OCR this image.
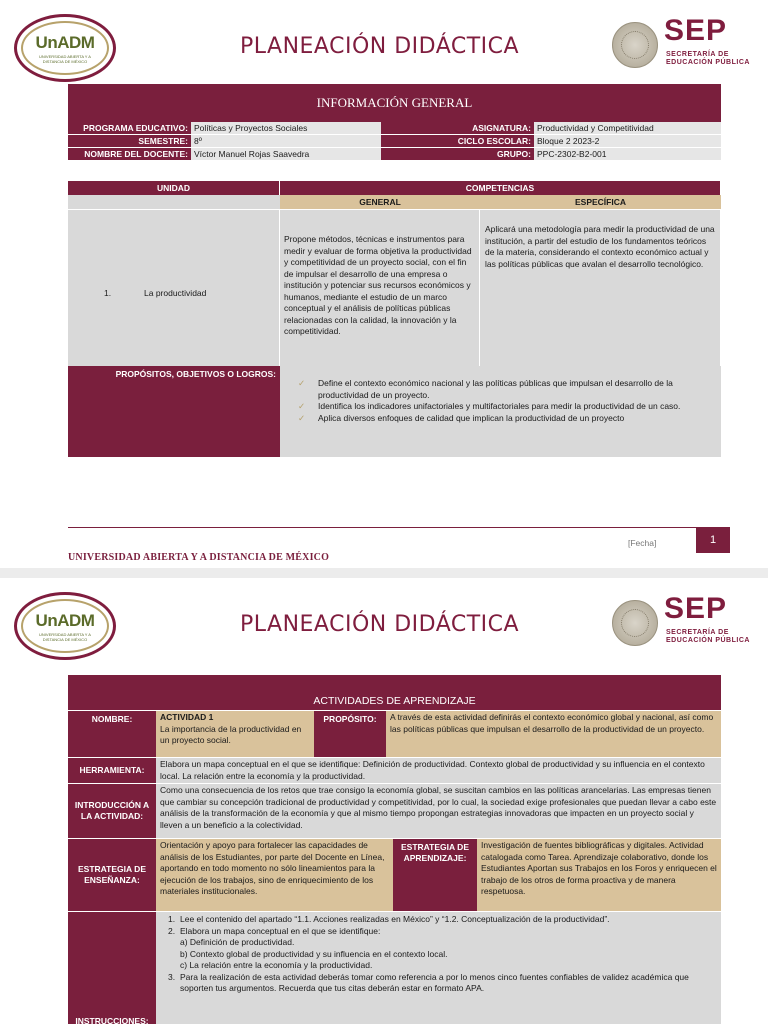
UnADM
UNIVERSIDAD ABIERTA Y A DISTANCIA DE MÉXICO
PLANEACIÓN DIDÁCTICA	SEP
SECRETARÍA DE
EDUCACIÓN PÚBLICA
INFORMACIÓN GENERAL
PROGRAMA EDUCATIVO: Políticas y Proyectos Sociales	ASIGNATURA: Productividad y Competitividad
SEMESTRE: 8º	CICLO ESCOLAR: Bloque 2 2023-2
NOMBRE DEL DOCENTE: Víctor Manuel Rojas Saavedra	GRUPO: PPC-2302-B2-001
UNIDAD	COMPETENCIAS
GENERAL	ESPECÍFICA
1.	La productividad
Propone métodos, técnicas e instrumentos para medir y evaluar de forma objetiva la productividad y competitividad de un proyecto social, con el fin de impulsar el desarrollo de una empresa o institución y potenciar sus recursos económicos y humanos, mediante el estudio de un marco conceptual y el análisis de políticas públicas relacionadas con la calidad, la innovación y la competitividad.
Aplicará una metodología para medir la productividad de una institución, a partir del estudio de los fundamentos teóricos de la materia, considerando el contexto económico actual y las políticas públicas que avalan el desarrollo tecnológico.
PROPÓSITOS, OBJETIVOS O LOGROS:
✓	Define el contexto económico nacional y las políticas públicas que impulsan el desarrollo de la productividad de un proyecto.
✓	Identifica los indicadores unifactoriales y multifactoriales para medir la productividad de un caso.
✓	Aplica diversos enfoques de calidad que implican la productividad de un proyecto
[Fecha]	1
UNIVERSIDAD ABIERTA Y A DISTANCIA DE MÉXICO
UnADM
UNIVERSIDAD ABIERTA Y A DISTANCIA DE MÉXICO
PLANEACIÓN DIDÁCTICA	SEP
SECRETARÍA DE
EDUCACIÓN PÚBLICA
ACTIVIDADES DE APRENDIZAJE
NOMBRE:	ACTIVIDAD 1
La importancia de la productividad en un proyecto social.
PROPÓSITO:	A través de esta actividad definirás el contexto económico global y nacional, así como las políticas públicas que impulsan el desarrollo de la productividad de un proyecto.
HERRAMIENTA:
Elabora un mapa conceptual en el que se identifique: Definición de productividad. Contexto global de productividad y su influencia en el contexto local. La relación entre la economía y la productividad.
INTRODUCCIÓN A LA ACTIVIDAD:
Como una consecuencia de los retos que trae consigo la economía global, se suscitan cambios en las políticas arancelarias. Las empresas tienen que cambiar su concepción tradicional de productividad y competitividad, por lo cual, la sociedad exige profesionales que puedan llevar a cabo este análisis de la transformación de la economía y que al mismo tiempo propongan estrategias innovadoras que impacten en un proyecto social y lleven a un beneficio a la colectividad.
ESTRATEGIA DE ENSEÑANZA:
Orientación y apoyo para fortalecer las capacidades de análisis de los Estudiantes, por parte del Docente en Línea, aportando en todo momento no sólo lineamientos para la ejecución de los trabajos, sino de enriquecimiento de los materiales institucionales.
ESTRATEGIA DE APRENDIZAJE:
Investigación de fuentes bibliográficas y digitales. Actividad catalogada como Tarea. Aprendizaje colaborativo, donde los Estudiantes Aportan sus Trabajos en los Foros y enriquecen el trabajo de los otros de forma proactiva y de manera respetuosa.
INSTRUCCIONES:
1. Lee el contenido del apartado “1.1. Acciones realizadas en México” y “1.2. Conceptualización de la productividad”.
2. Elabora un mapa conceptual en el que se identifique:
a) Definición de productividad.
b) Contexto global de productividad y su influencia en el contexto local.
c) La relación entre la economía y la productividad.
3. Para la realización de esta actividad deberás tomar como referencia a por lo menos cinco fuentes confiables de validez académica que soporten tus argumentos. Recuerda que tus citas deberán estar en formato APA.
